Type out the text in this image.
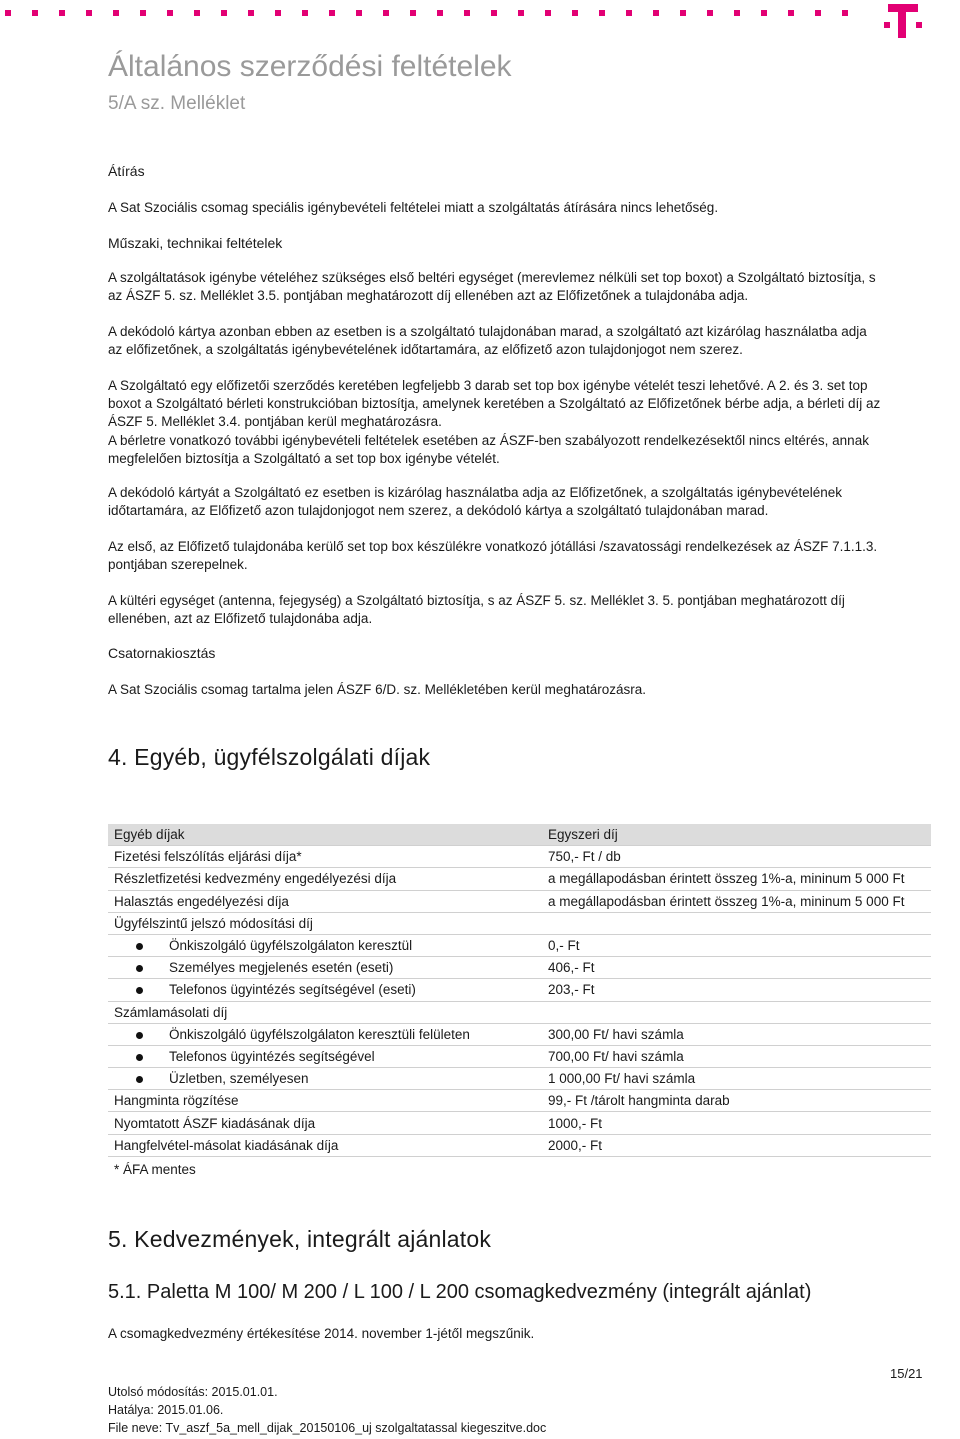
Általános szerződési feltételek
5/A sz. Melléklet
Átírás
A Sat Szociális csomag speciális igénybevételi feltételei miatt a szolgáltatás átírására nincs lehetőség.
Műszaki, technikai feltételek

A szolgáltatások igénybe vételéhez szükséges első beltéri egységet (merevlemez nélküli set top boxot) a Szolgáltató biztosítja, s

az ÁSZF 5. sz. Melléklet 3.5. pontjában meghatározott díj ellenében azt az Előfizetőnek a tulajdonába adja.

A dekódoló kártya azonban ebben az esetben is a szolgáltató tulajdonában marad, a szolgáltató azt kizárólag használatba adja

az előfizetőnek, a szolgáltatás igénybevételének időtartamára, az előfizető azon tulajdonjogot nem szerez.

A Szolgáltató egy előfizetői szerződés keretében legfeljebb 3 darab set top box igénybe vételét teszi lehetővé. A 2. és 3. set top

boxot a Szolgáltató bérleti konstrukcióban biztosítja, amelynek keretében a Szolgáltató az Előfizetőnek bérbe adja, a bérleti díj az

ÁSZF 5. Melléklet 3.4. pontjában kerül meghatározásra.

A bérletre vonatkozó további igénybevételi feltételek esetében az ÁSZF-ben szabályozott rendelkezésektől nincs eltérés, annak

megfelelően biztosítja a Szolgáltató a set top box igénybe vételét.

A dekódoló kártyát a Szolgáltató ez esetben is kizárólag használatba adja az Előfizetőnek, a szolgáltatás igénybevételének

időtartamára, az Előfizető azon tulajdonjogot nem szerez, a dekódoló kártya a szolgáltató tulajdonában marad.

Az első, az Előfizető tulajdonába kerülő set top box készülékre vonatkozó jótállási /szavatossági rendelkezések az ÁSZF 7.1.1.3.

pontjában szerepelnek.

A kültéri egységet (antenna, fejegység) a Szolgáltató biztosítja, s az ÁSZF 5. sz. Melléklet 3. 5. pontjában meghatározott díj

ellenében, azt az Előfizető tulajdonába adja.

Csatornakiosztás
A Sat Szociális csomag tartalma jelen ÁSZF 6/D. sz. Mellékletében kerül meghatározásra.
4. Egyéb, ügyfélszolgálati díjak
Egyéb díjak	Egyszeri díj
Fizetési felszólítás eljárási díja*	750,- Ft / db
Részletfizetési kedvezmény engedélyezési díja	a megállapodásban érintett összeg 1%-a, mininum 5 000 Ft
Halasztás engedélyezési díja	a megállapodásban érintett összeg 1%-a, mininum 5 000 Ft
Ügyfélszintű jelszó módosítási díj	
Önkiszolgáló ügyfélszolgálaton keresztül	0,- Ft
Személyes megjelenés esetén (eseti)	406,- Ft
Telefonos ügyintézés segítségével (eseti)	203,- Ft
Számlamásolati díj	
Önkiszolgáló ügyfélszolgálaton keresztüli felületen	300,00 Ft/ havi számla
Telefonos ügyintézés segítségével	700,00 Ft/ havi számla
Üzletben, személyesen	1 000,00 Ft/ havi számla
Hangminta rögzítése	99,- Ft /tárolt hangminta darab
Nyomtatott ÁSZF kiadásának díja	1000,- Ft
Hangfelvétel-másolat kiadásának díja	2000,- Ft
* ÁFA mentes
5. Kedvezmények, integrált ajánlatok
5.1. Paletta M 100/ M 200 / L 100 / L 200 csomagkedvezmény (integrált ajánlat)
A csomagkedvezmény értékesítése 2014. november 1-jétől megszűnik.
15/21
Utolsó módosítás: 2015.01.01.
Hatálya: 2015.01.06.
File neve: Tv_aszf_5a_mell_dijak_20150106_uj szolgaltatassal kiegeszitve.doc
